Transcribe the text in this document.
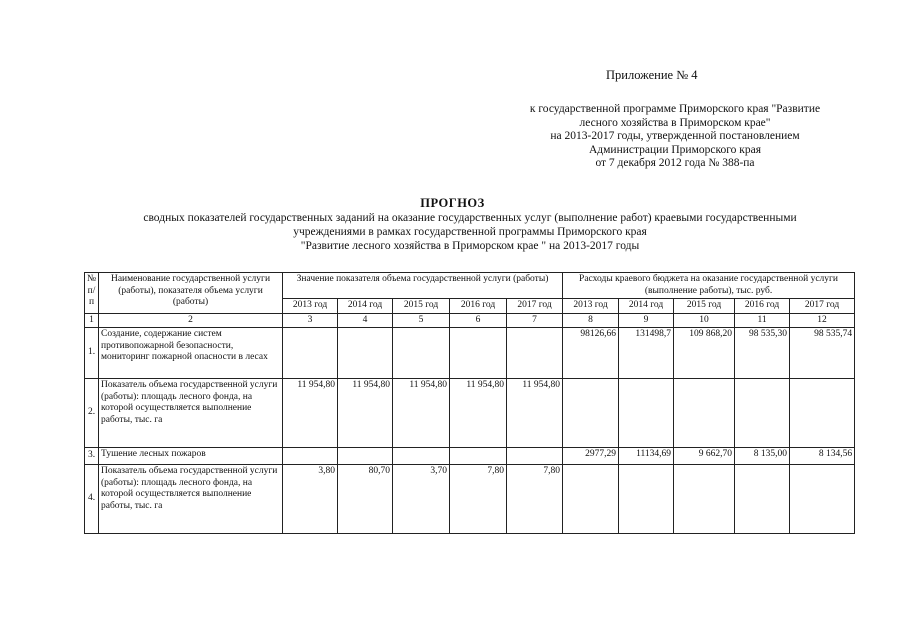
Приложение № 4
к государственной программе Приморского края "Развитие
лесного хозяйства в Приморском крае"
на 2013-2017 годы, утвержденной постановлением
Администрации Приморского края
от 7 декабря 2012 года № 388-па
ПРОГНОЗ
сводных показателей государственных заданий на оказание государственных услуг (выполнение работ) краевыми государственными
учреждениями в рамках государственной программы Приморского края
"Развитие лесного хозяйства в Приморском крае " на 2013-2017 годы
№ п/ п	Наименование государственной услуги (работы), показателя объема услуги (работы)	Значение показателя объема государственной услуги (работы)					Расходы краевого бюджета на оказание государственной услуги (выполнение работы), тыс. руб.				
		2013 год	2014 год	2015 год	2016 год	2017 год	2013 год	2014 год	2015 год	2016 год	2017 год
1	2	3	4	5	6	7	8	9	10	11	12
1.	Создание, содержание систем противопожарной безопасности, мониторинг пожарной опасности в лесах						98126,66	131498,7	109 868,20	98 535,30	98 535,74
2.	Показатель объема государственной услуги (работы): площадь лесного фонда, на которой осуществляется выполнение работы, тыс. га	11 954,80	11 954,80	11 954,80	11 954,80	11 954,80					
3.	Тушение лесных пожаров						2977,29	11134,69	9 662,70	8 135,00	8 134,56
4.	Показатель объема государственной услуги (работы): площадь лесного фонда, на которой осуществляется выполнение работы, тыс. га	3,80	80,70	3,70	7,80	7,80					
